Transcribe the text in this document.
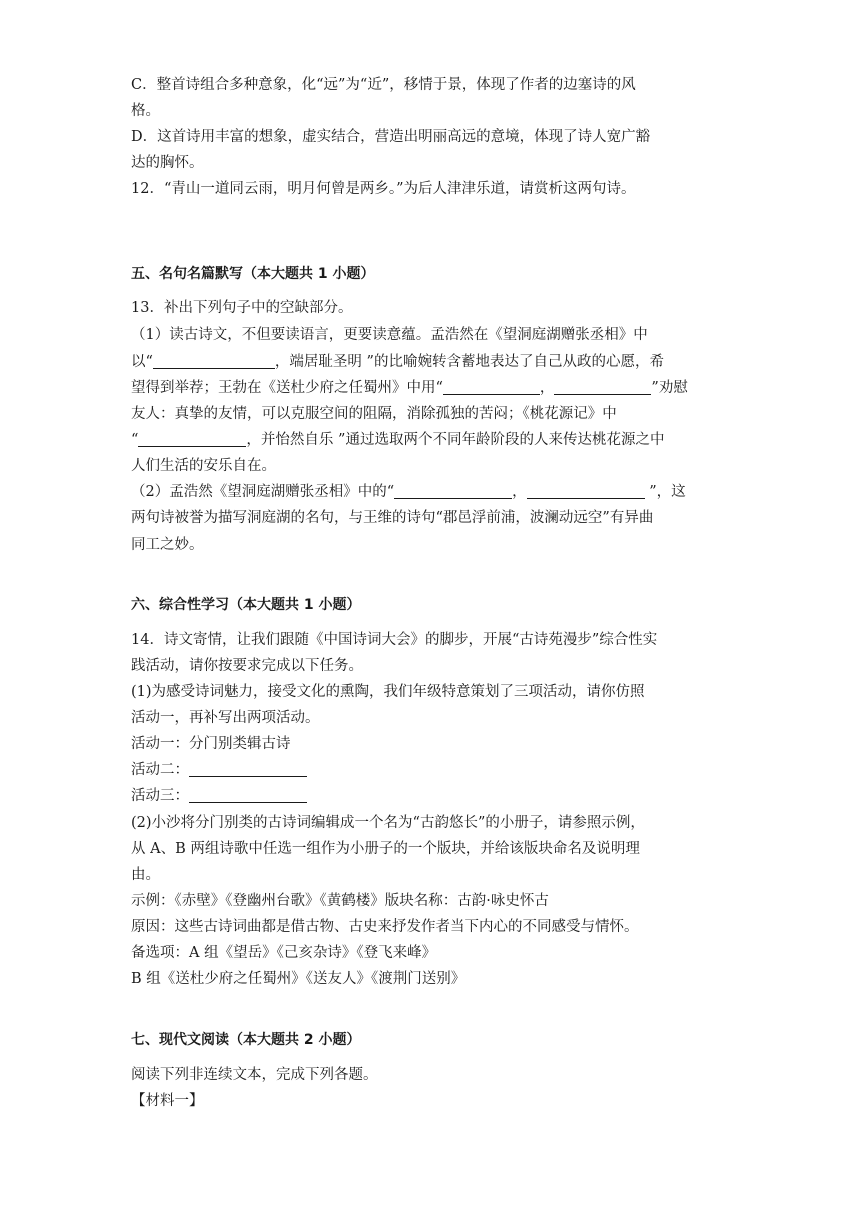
C．整首诗组合多种意象，化“远”为“近”，移情于景，体现了作者的边塞诗的风
格。
D．这首诗用丰富的想象，虚实结合，营造出明丽高远的意境，体现了诗人宽广豁
达的胸怀。
12．“青山一道同云雨，明月何曾是两乡。”为后人津津乐道，请赏析这两句诗。
五、名句名篇默写（本大题共 1 小题）
13．补出下列句子中的空缺部分。
（1）读古诗文，不但要读语言，更要读意蕴。孟浩然在《望洞庭湖赠张丞相》中
以“	，端居耻圣明 ”的比喻婉转含蓄地表达了自己从政的心愿，希
望得到举荐；王勃在《送杜少府之任蜀州》中用“	，	”劝慰
友人：真挚的友情，可以克服空间的阻隔，消除孤独的苦闷；《桃花源记》中
“	，并怡然自乐 ”通过选取两个不同年龄阶段的人来传达桃花源之中
人们生活的安乐自在。
（2）孟浩然《望洞庭湖赠张丞相》中的“	，	”，这
两句诗被誉为描写洞庭湖的名句，与王维的诗句“郡邑浮前浦，波澜动远空”有异曲
同工之妙。
六、综合性学习（本大题共 1 小题）
14．诗文寄情，让我们跟随《中国诗词大会》的脚步，开展“古诗苑漫步”综合性实
践活动，请你按要求完成以下任务。
(1)为感受诗词魅力，接受文化的熏陶，我们年级特意策划了三项活动，请你仿照
活动一，再补写出两项活动。
活动一：分门别类辑古诗
活动二：
活动三：
(2)小沙将分门别类的古诗词编辑成一个名为“古韵悠长”的小册子，请参照示例，
从 A、B 两组诗歌中任选一组作为小册子的一个版块，并给该版块命名及说明理
由。
示例：《赤壁》《登幽州台歌》《黄鹤楼》版块名称：古韵·咏史怀古
原因：这些古诗词曲都是借古物、古史来抒发作者当下内心的不同感受与情怀。
备选项：A 组《望岳》《己亥杂诗》《登飞来峰》
B 组《送杜少府之任蜀州》《送友人》《渡荆门送别》
七、现代文阅读（本大题共 2 小题）
阅读下列非连续文本，完成下列各题。
【材料一】
